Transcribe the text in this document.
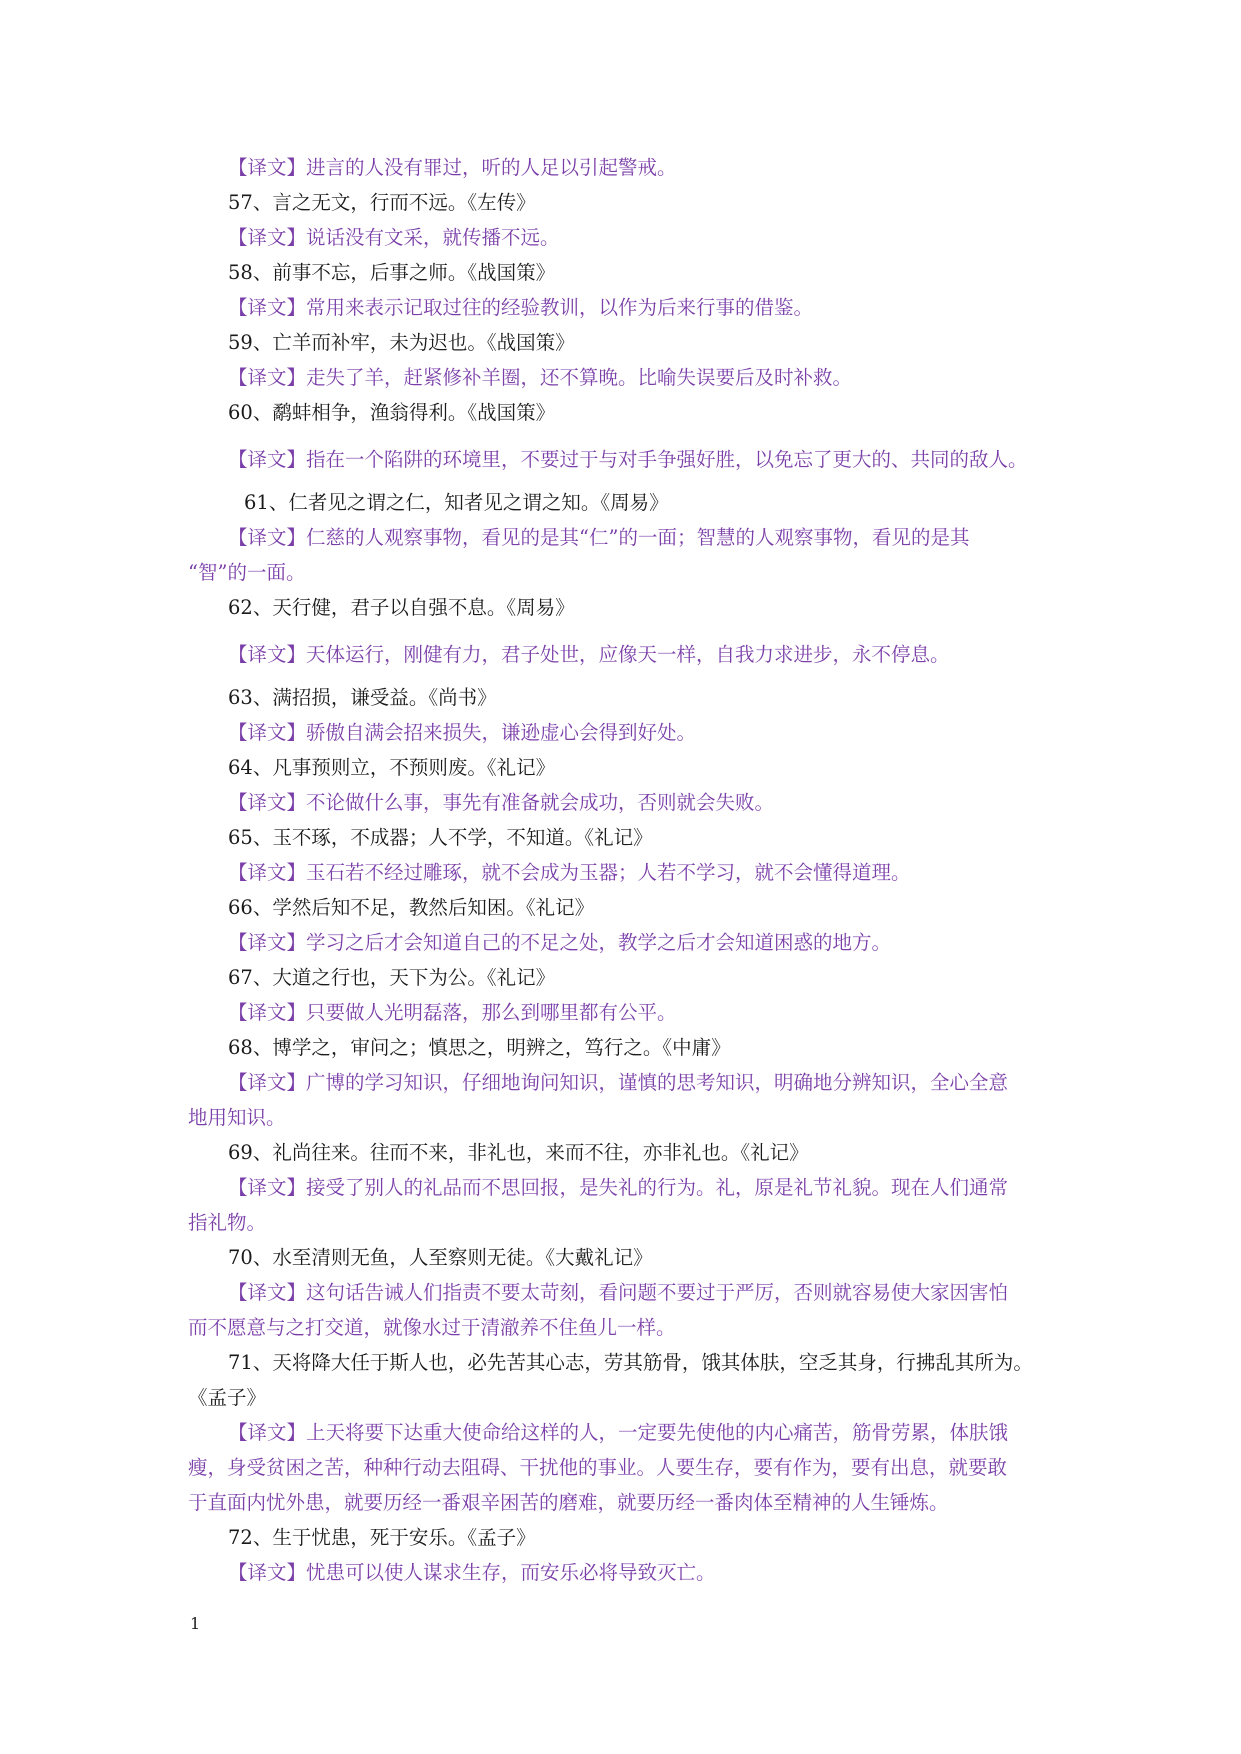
【译文】进言的人没有罪过，听的人足以引起警戒。
57、言之无文，行而不远。《左传》
【译文】说话没有文采，就传播不远。
58、前事不忘，后事之师。《战国策》
【译文】常用来表示记取过往的经验教训，以作为后来行事的借鉴。
59、亡羊而补牢，未为迟也。《战国策》
【译文】走失了羊，赶紧修补羊圈，还不算晚。比喻失误要后及时补救。
60、鹬蚌相争，渔翁得利。《战国策》
【译文】指在一个陷阱的环境里，不要过于与对手争强好胜，以免忘了更大的、共同的敌人。
61、仁者见之谓之仁，知者见之谓之知。《周易》
【译文】仁慈的人观察事物，看见的是其“仁”的一面；智慧的人观察事物，看见的是其
“智”的一面。
62、天行健，君子以自强不息。《周易》
【译文】天体运行，刚健有力，君子处世，应像天一样，自我力求进步，永不停息。
63、满招损，谦受益。《尚书》
【译文】骄傲自满会招来损失，谦逊虚心会得到好处。
64、凡事预则立，不预则废。《礼记》
【译文】不论做什么事，事先有准备就会成功，否则就会失败。
65、玉不琢，不成器；人不学，不知道。《礼记》
【译文】玉石若不经过雕琢，就不会成为玉器；人若不学习，就不会懂得道理。
66、学然后知不足，教然后知困。《礼记》
【译文】学习之后才会知道自己的不足之处，教学之后才会知道困惑的地方。
67、大道之行也，天下为公。《礼记》
【译文】只要做人光明磊落，那么到哪里都有公平。
68、博学之，审问之；慎思之，明辨之，笃行之。《中庸》
【译文】广博的学习知识，仔细地询问知识，谨慎的思考知识，明确地分辨知识，全心全意
地用知识。
69、礼尚往来。往而不来，非礼也，来而不往，亦非礼也。《礼记》
【译文】接受了别人的礼品而不思回报，是失礼的行为。礼，原是礼节礼貌。现在人们通常
指礼物。
70、水至清则无鱼，人至察则无徒。《大戴礼记》
【译文】这句话告诫人们指责不要太苛刻，看问题不要过于严厉，否则就容易使大家因害怕
而不愿意与之打交道，就像水过于清澈养不住鱼儿一样。
71、天将降大任于斯人也，必先苦其心志，劳其筋骨，饿其体肤，空乏其身，行拂乱其所为。
《孟子》
【译文】上天将要下达重大使命给这样的人，一定要先使他的内心痛苦，筋骨劳累，体肤饿
瘦，身受贫困之苦，种种行动去阻碍、干扰他的事业。人要生存，要有作为，要有出息，就要敢
于直面内忧外患，就要历经一番艰辛困苦的磨难，就要历经一番肉体至精神的人生锤炼。
72、生于忧患，死于安乐。《孟子》
【译文】忧患可以使人谋求生存，而安乐必将导致灭亡。
1
